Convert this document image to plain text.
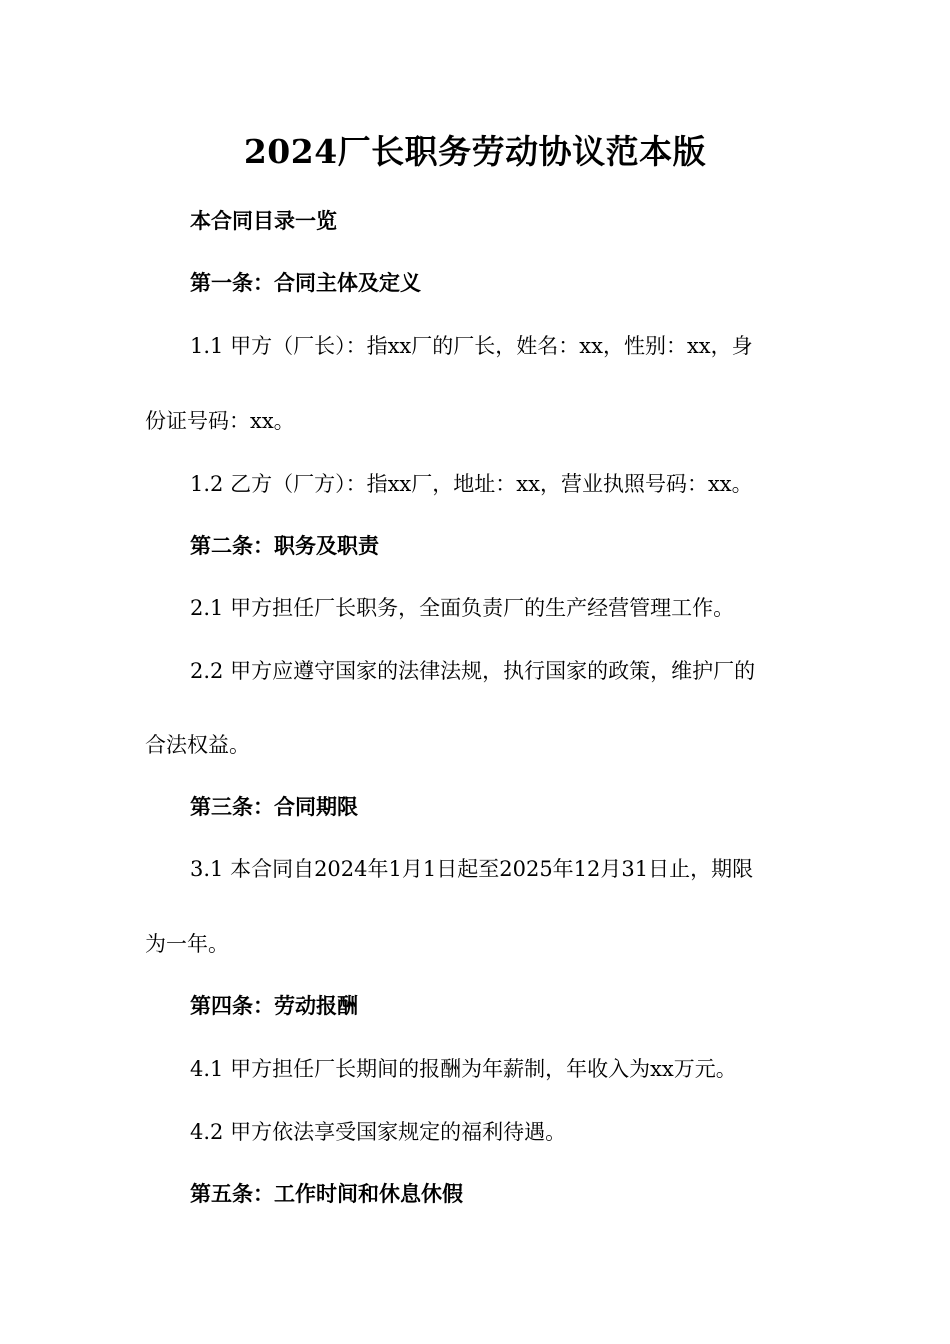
2024厂长职务劳动协议范本版
本合同目录一览
第一条：合同主体及定义
1.1 甲方（厂长）：指xx厂的厂长，姓名：xx，性别：xx，身
份证号码：xx。
1.2 乙方（厂方）：指xx厂，地址：xx，营业执照号码：xx。
第二条：职务及职责
2.1 甲方担任厂长职务，全面负责厂的生产经营管理工作。
2.2 甲方应遵守国家的法律法规，执行国家的政策，维护厂的
合法权益。
第三条：合同期限
3.1 本合同自2024年1月1日起至2025年12月31日止，期限
为一年。
第四条：劳动报酬
4.1 甲方担任厂长期间的报酬为年薪制，年收入为xx万元。
4.2 甲方依法享受国家规定的福利待遇。
第五条：工作时间和休息休假
